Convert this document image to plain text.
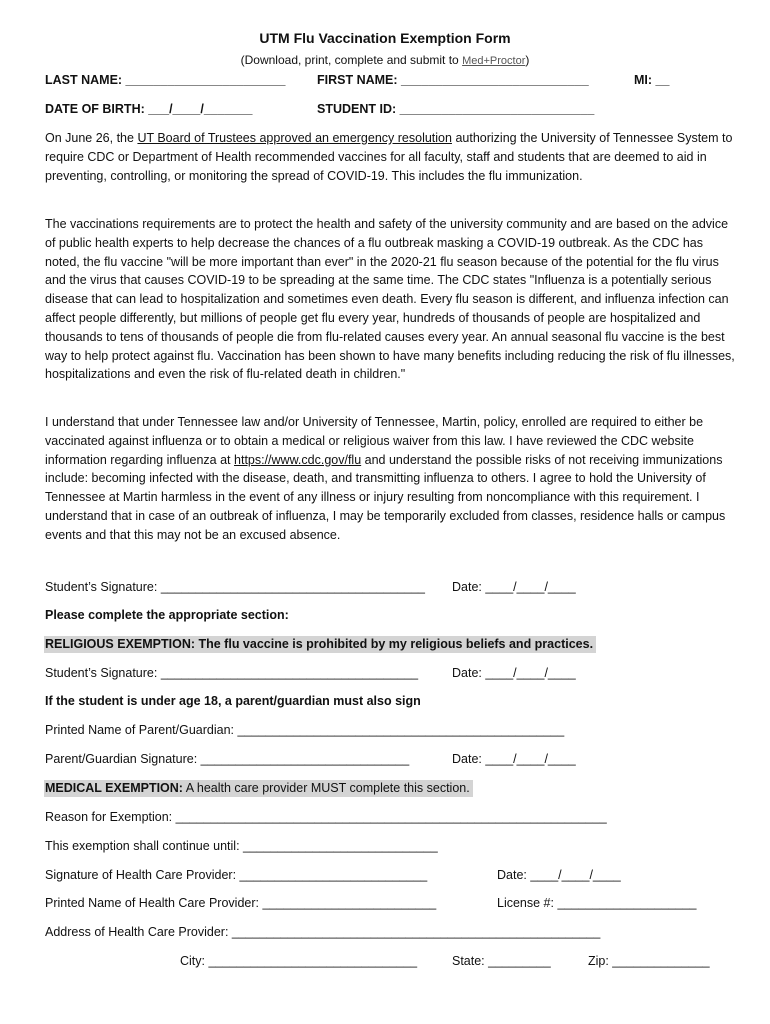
UTM Flu Vaccination Exemption Form
(Download, print, complete and submit to Med+Proctor)
LAST NAME: _______________________	FIRST NAME: ___________________________	MI: __
DATE OF BIRTH: ___/____/_______	STUDENT ID: ____________________________

On June 26, the UT Board of Trustees approved an emergency resolution authorizing the University of Tennessee System to require CDC or Department of Health recommended vaccines for all faculty, staff and students that are deemed to aid in preventing, controlling, or monitoring the spread of COVID-19. This includes the flu immunization.

The vaccinations requirements are to protect the health and safety of the university community and are based on the advice of public health experts to help decrease the chances of a flu outbreak masking a COVID-19 outbreak. As the CDC has noted, the flu vaccine "will be more important than ever" in the 2020-21 flu season because of the potential for the flu virus and the virus that causes COVID-19 to be spreading at the same time. The CDC states "Influenza is a potentially serious disease that can lead to hospitalization and sometimes even death. Every flu season is different, and influenza infection can affect people differently, but millions of people get flu every year, hundreds of thousands of people are hospitalized and thousands to tens of thousands of people die from flu-related causes every year. An annual seasonal flu vaccine is the best way to help protect against flu. Vaccination has been shown to have many benefits including reducing the risk of flu illnesses, hospitalizations and even the risk of flu-related death in children."

I understand that under Tennessee law and/or University of Tennessee, Martin, policy, enrolled are required to either be vaccinated against influenza or to obtain a medical or religious waiver from this law. I have reviewed the CDC website information regarding influenza at https://www.cdc.gov/flu and understand the possible risks of not receiving immunizations include: becoming infected with the disease, death, and transmitting influenza to others. I agree to hold the University of Tennessee at Martin harmless in the event of any illness or injury resulting from noncompliance with this requirement. I understand that in case of an outbreak of influenza, I may be temporarily excluded from classes, residence halls or campus events and that this may not be an excused absence.

Student’s Signature: ______________________________________ Date: ____/____/____
Please complete the appropriate section:
RELIGIOUS EXEMPTION: The flu vaccine is prohibited by my religious beliefs and practices.
Student’s Signature: _____________________________________	Date: ____/____/____
If the student is under age 18, a parent/guardian must also sign
Printed Name of Parent/Guardian: _______________________________________________
Parent/Guardian Signature: ______________________________	Date: ____/____/____
MEDICAL EXEMPTION: A health care provider MUST complete this section.
Reason for Exemption: ______________________________________________________________
This exemption shall continue until: ____________________________
Signature of Health Care Provider: ___________________________	Date: ____/____/____
Printed Name of Health Care Provider: _________________________	License #: ____________________
Address of Health Care Provider: _____________________________________________________
City: ______________________________	State: _________	Zip: ______________
